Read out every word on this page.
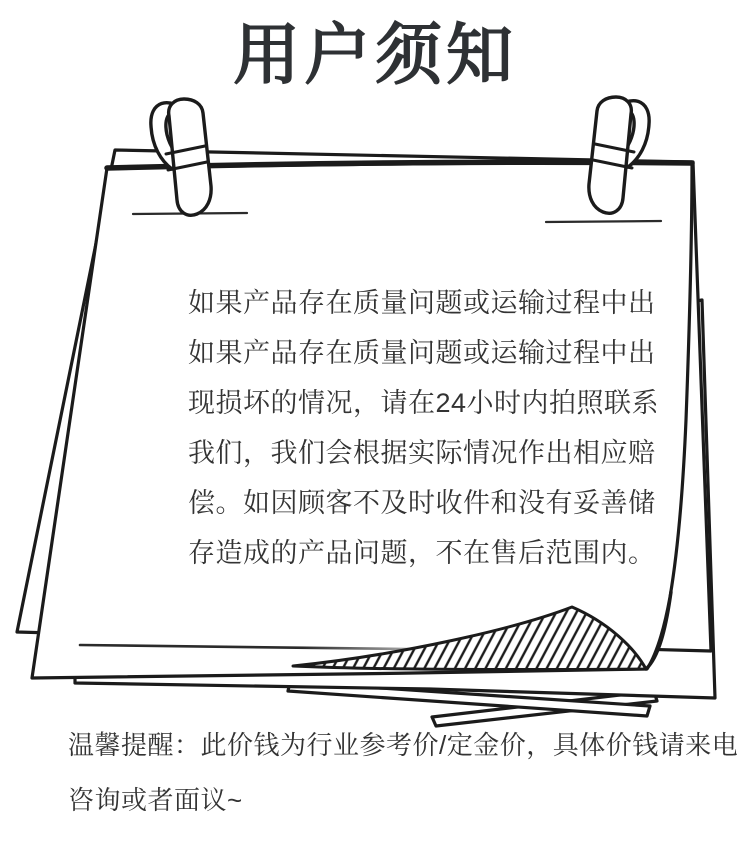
用户须知
如果产品存在质量问题或运输过程中出
如果产品存在质量问题或运输过程中出
现损坏的情况，请在24小时内拍照联系
我们，我们会根据实际情况作出相应赔
偿。如因顾客不及时收件和没有妥善储
存造成的产品问题，不在售后范围内。
温馨提醒：此价钱为行业参考价/定金价，具体价钱请来电
咨询或者面议~
